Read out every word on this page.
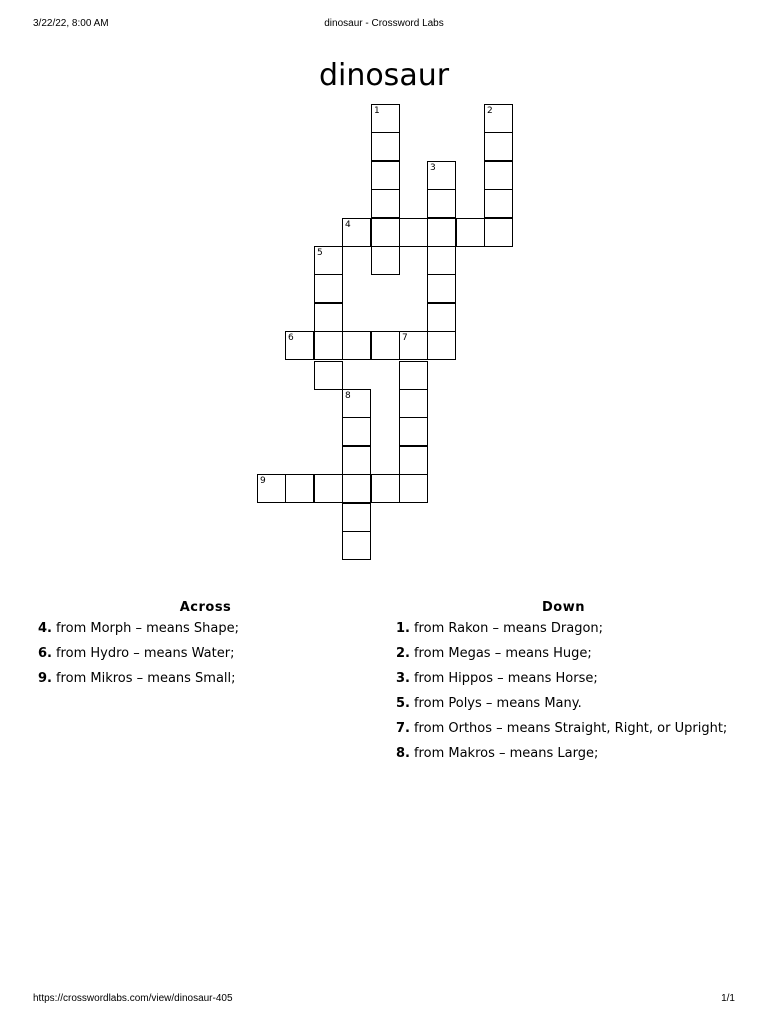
3/22/22, 8:00 AM	dinosaur - Crossword Labs
dinosaur
1	2
3
4
5
6	7
8
9
Across
4. from Morph – means Shape;
6. from Hydro – means Water;
9. from Mikros – means Small;
Down
1. from Rakon – means Dragon;
2. from Megas – means Huge;
3. from Hippos – means Horse;
5. from Polys – means Many.
7. from Orthos – means Straight, Right, or Upright;
8. from Makros – means Large;
https://crosswordlabs.com/view/dinosaur-405	1/1
